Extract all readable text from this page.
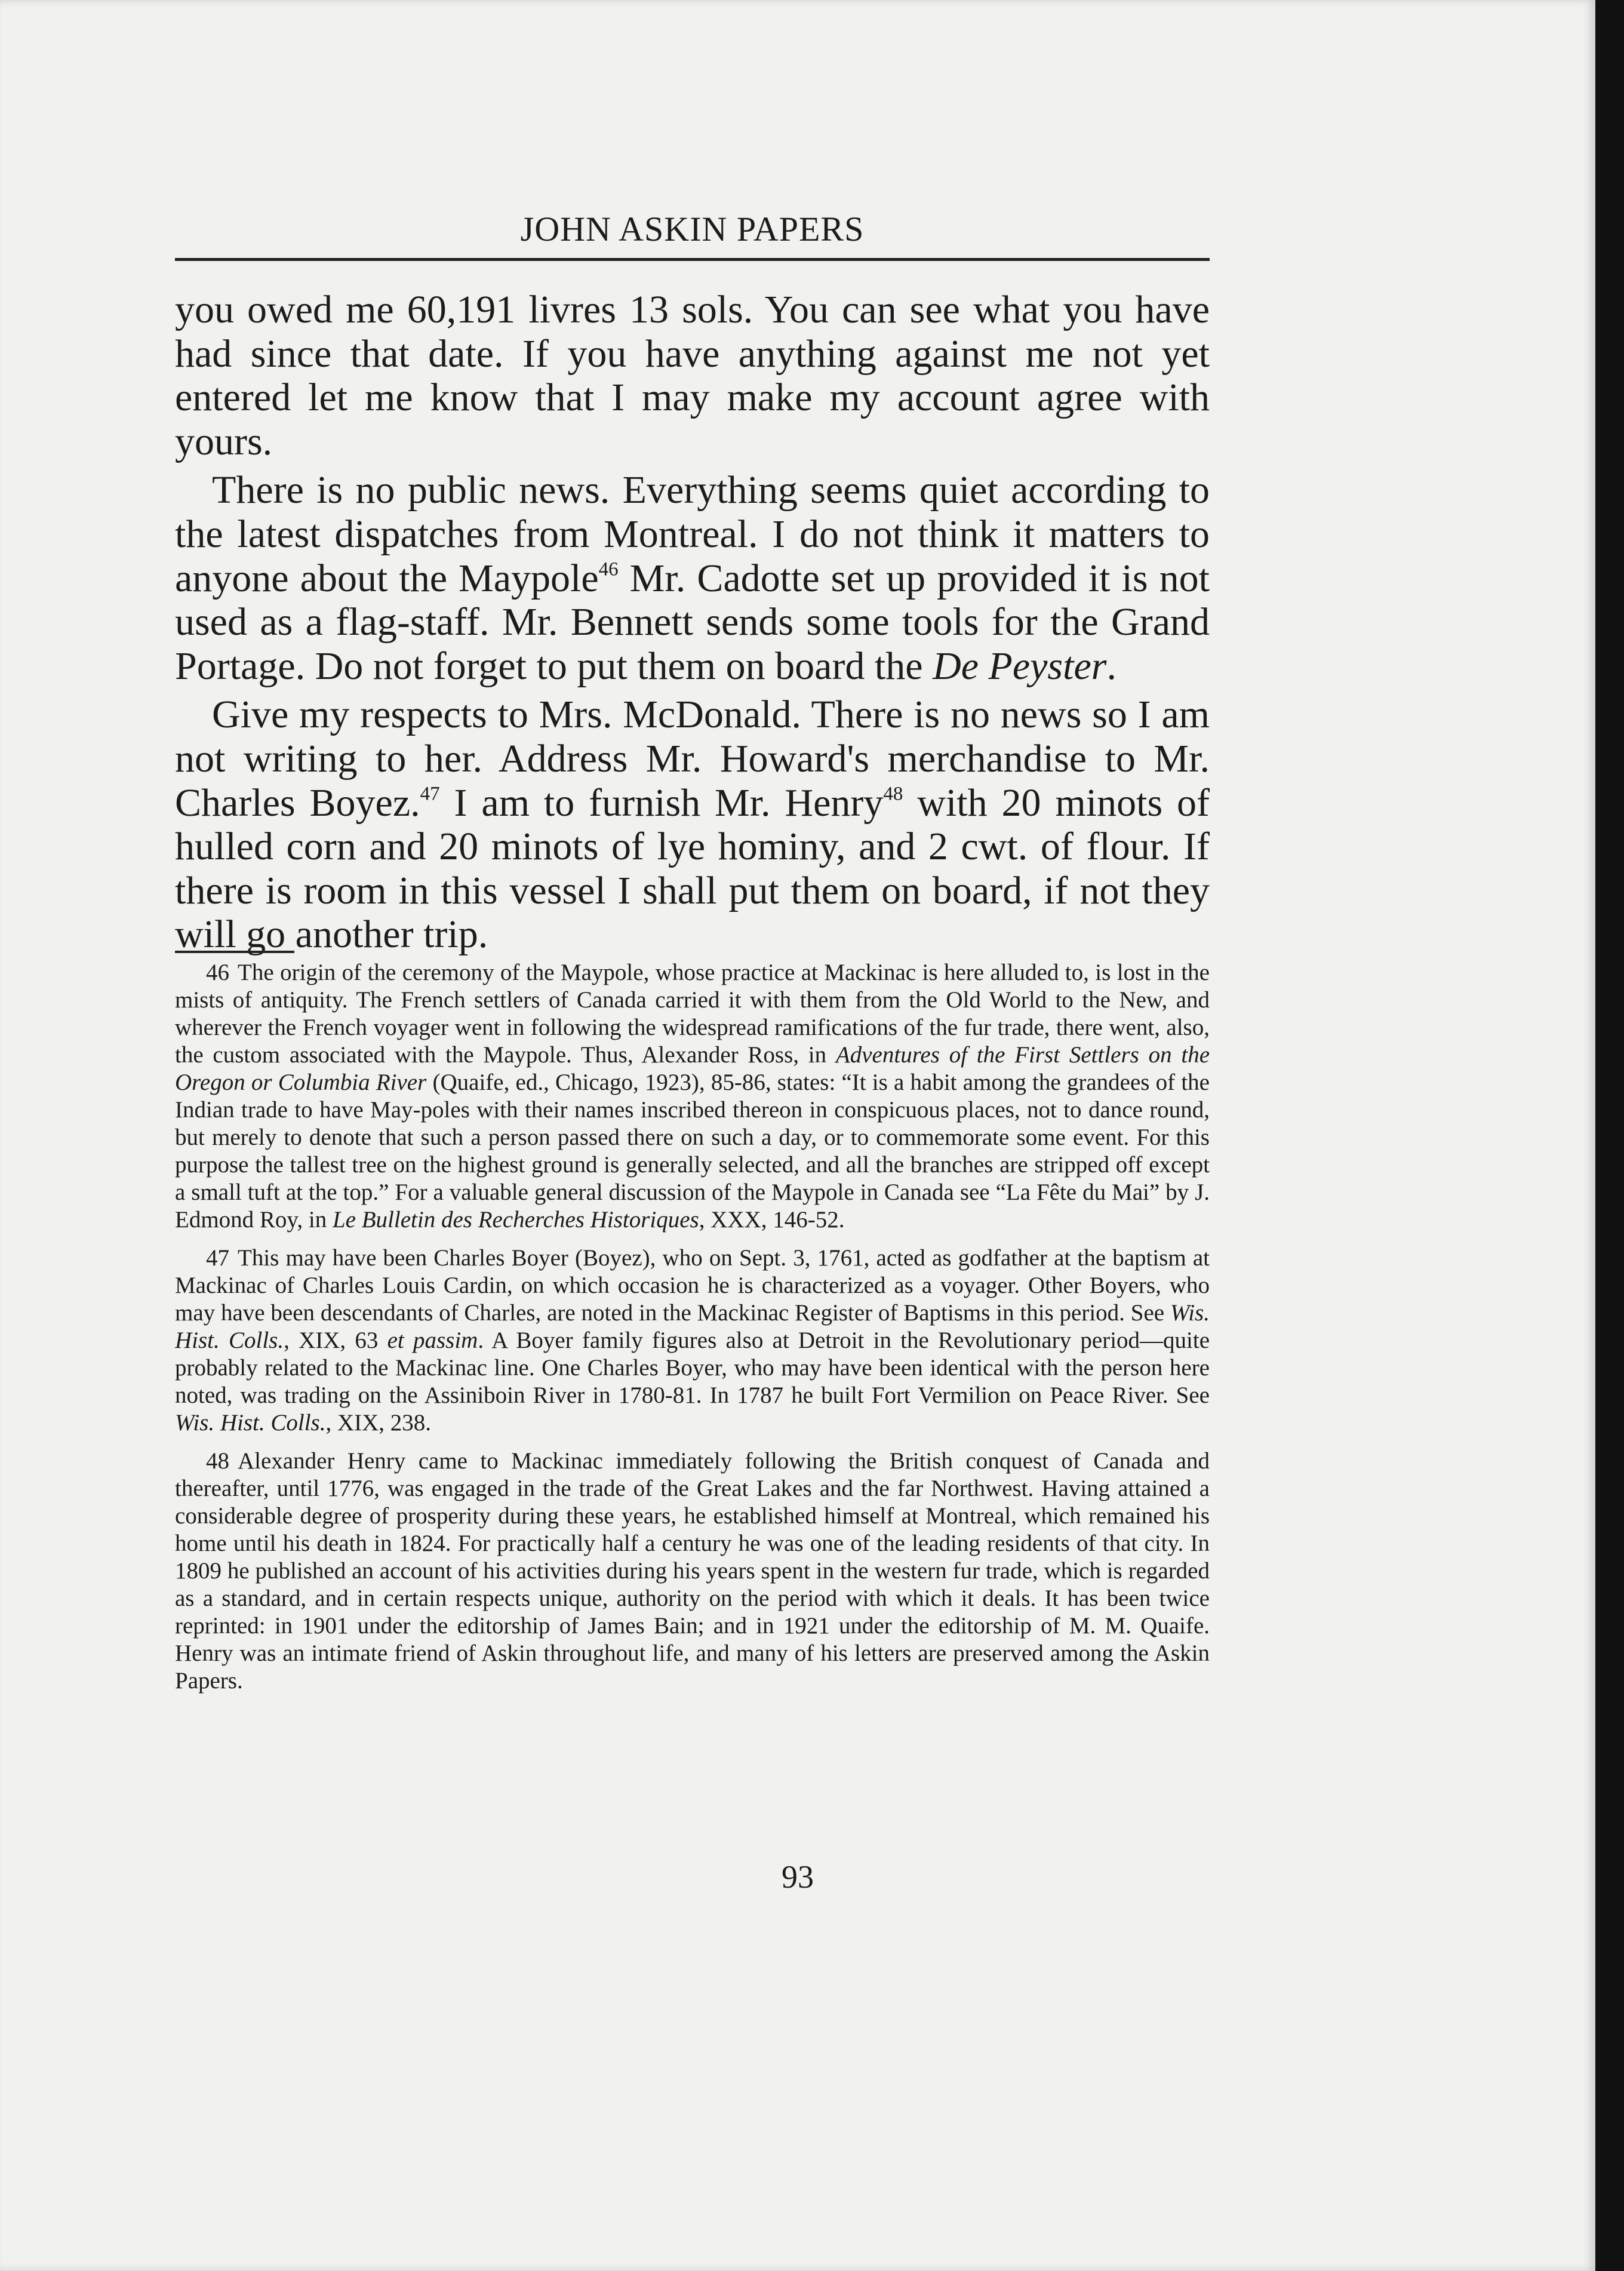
JOHN ASKIN PAPERS

you owed me 60,191 livres 13 sols. You can see what you have had since that date. If you have anything against me not yet entered let me know that I may make my account agree with yours.

There is no public news. Everything seems quiet according to the latest dispatches from Montreal. I do not think it matters to anyone about the Maypole$^{46}$ Mr. Cadotte set up provided it is not used as a flag-staff. Mr. Bennett sends some tools for the Grand Portage. Do not forget to put them on board the De Peyster.

Give my respects to Mrs. McDonald. There is no news so I am not writing to her. Address Mr. Howard's merchandise to Mr. Charles Boyez.$^{47}$ I am to furnish Mr. Henry$^{48}$ with 20 minots of hulled corn and 20 minots of lye hominy, and 2 cwt. of flour. If there is room in this vessel I shall put them on board, if not they will go another trip.

46 The origin of the ceremony of the Maypole, whose practice at Mackinac is here alluded to, is lost in the mists of antiquity. The French settlers of Canada carried it with them from the Old World to the New, and wherever the French voyager went in following the widespread ramifications of the fur trade, there went, also, the custom associated with the Maypole. Thus, Alexander Ross, in Adventures of the First Settlers on the Oregon or Columbia River (Quaife, ed., Chicago, 1923), 85-86, states: “It is a habit among the grandees of the Indian trade to have May-poles with their names inscribed thereon in conspicuous places, not to dance round, but merely to denote that such a person passed there on such a day, or to commemorate some event. For this purpose the tallest tree on the highest ground is generally selected, and all the branches are stripped off except a small tuft at the top.” For a valuable general discussion of the Maypole in Canada see “La Fête du Mai” by J. Edmond Roy, in Le Bulletin des Recherches Historiques, XXX, 146-52.

47 This may have been Charles Boyer (Boyez), who on Sept. 3, 1761, acted as godfather at the baptism at Mackinac of Charles Louis Cardin, on which occasion he is characterized as a voyager. Other Boyers, who may have been descendants of Charles, are noted in the Mackinac Register of Baptisms in this period. See Wis. Hist. Colls., XIX, 63 et passim. A Boyer family figures also at Detroit in the Revolutionary period—quite probably related to the Mackinac line. One Charles Boyer, who may have been identical with the person here noted, was trading on the Assiniboin River in 1780-81. In 1787 he built Fort Vermilion on Peace River. See Wis. Hist. Colls., XIX, 238.

48 Alexander Henry came to Mackinac immediately following the British conquest of Canada and thereafter, until 1776, was engaged in the trade of the Great Lakes and the far Northwest. Having attained a considerable degree of prosperity during these years, he established himself at Montreal, which remained his home until his death in 1824. For practically half a century he was one of the leading residents of that city. In 1809 he published an account of his activities during his years spent in the western fur trade, which is regarded as a standard, and in certain respects unique, authority on the period with which it deals. It has been twice reprinted: in 1901 under the editorship of James Bain; and in 1921 under the editorship of M. M. Quaife. Henry was an intimate friend of Askin throughout life, and many of his letters are preserved among the Askin Papers.

93
